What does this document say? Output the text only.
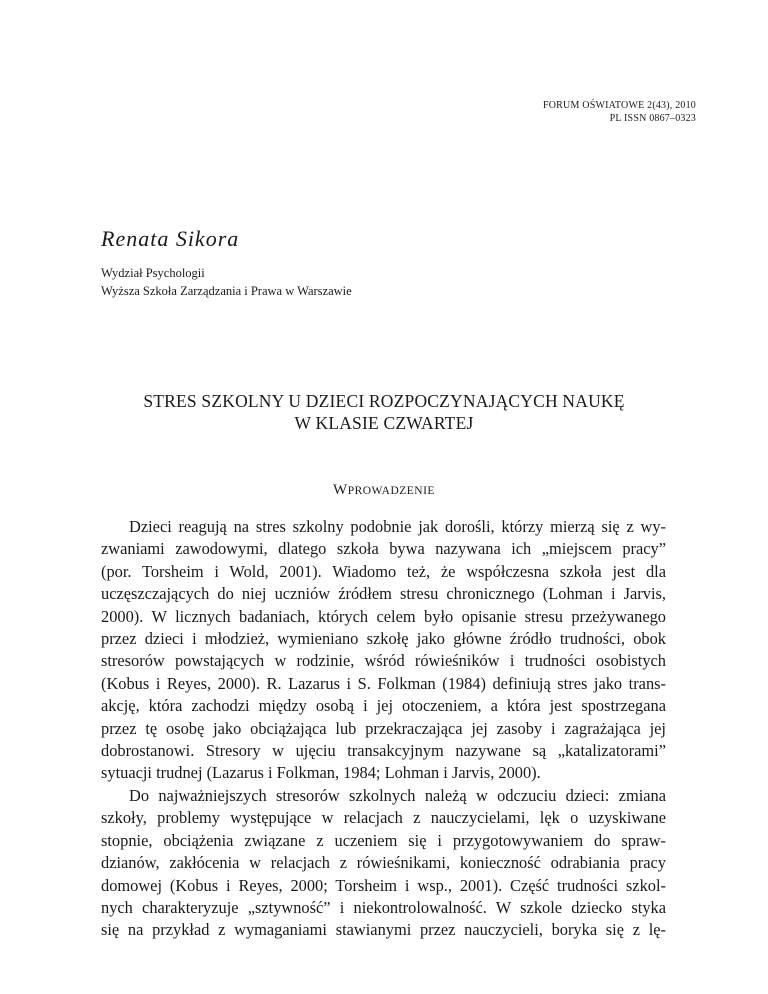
FORUM OŚWIATOWE 2(43), 2010
PL ISSN 0867–0323
Renata Sikora
Wydział Psychologii
Wyższa Szkoła Zarządzania i Prawa w Warszawie
STRES SZKOLNY U DZIECI ROZPOCZYNAJĄCYCH NAUKĘ
W KLASIE CZWARTEJ
WPROWADZENIE
Dzieci reagują na stres szkolny podobnie jak dorośli, którzy mierzą się z wy-
zwaniami zawodowymi, dlatego szkoła bywa nazywana ich „miejscem pracy”
(por. Torsheim i Wold, 2001). Wiadomo też, że współczesna szkoła jest dla
uczęszczających do niej uczniów źródłem stresu chronicznego (Lohman i Jarvis,
2000). W licznych badaniach, których celem było opisanie stresu przeżywanego
przez dzieci i młodzież, wymieniano szkołę jako główne źródło trudności, obok
stresorów powstających w rodzinie, wśród rówieśników i trudności osobistych
(Kobus i Reyes, 2000). R. Lazarus i S. Folkman (1984) definiują stres jako trans-
akcję, która zachodzi między osobą i jej otoczeniem, a która jest spostrzegana
przez tę osobę jako obciążająca lub przekraczająca jej zasoby i zagrażająca jej
dobrostanowi. Stresory w ujęciu transakcyjnym nazywane są „katalizatorami”
sytuacji trudnej (Lazarus i Folkman, 1984; Lohman i Jarvis, 2000).
Do najważniejszych stresorów szkolnych należą w odczuciu dzieci: zmiana
szkoły, problemy występujące w relacjach z nauczycielami, lęk o uzyskiwane
stopnie, obciążenia związane z uczeniem się i przygotowywaniem do spraw-
dzianów, zakłócenia w relacjach z rówieśnikami, konieczność odrabiania pracy
domowej (Kobus i Reyes, 2000; Torsheim i wsp., 2001). Część trudności szkol-
nych charakteryzuje „sztywność” i niekontrolowalność. W szkole dziecko styka
się na przykład z wymaganiami stawianymi przez nauczycieli, boryka się z lę-
